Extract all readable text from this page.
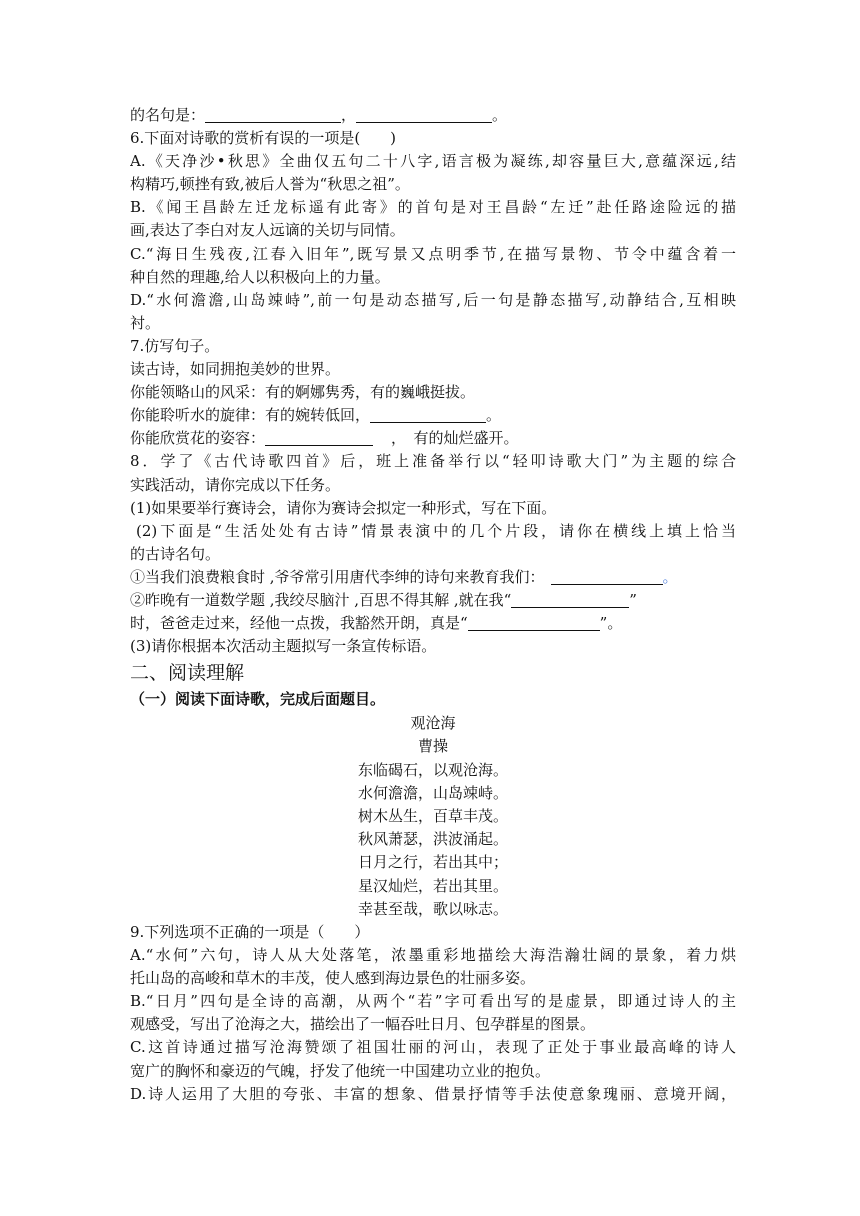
的名句是：	，	。
6.下面对诗歌的赏析有误的一项是(　　)
A.《天净沙•秋思》全曲仅五句二十八字,语言极为凝练,却容量巨大,意蕴深远,结
构精巧,顿挫有致,被后人誉为“秋思之祖”。
B.《闻王昌龄左迁龙标遥有此寄》的首句是对王昌龄“左迁”赴任路途险远的描
画,表达了李白对友人远谪的关切与同情。
C.“海日生残夜,江春入旧年”,既写景又点明季节,在描写景物、节令中蕴含着一
种自然的理趣,给人以积极向上的力量。
D.“水何澹澹,山岛竦峙”,前一句是动态描写,后一句是静态描写,动静结合,互相映
衬。
7.仿写句子。
读古诗，如同拥抱美妙的世界。
你能领略山的风采：有的婀娜隽秀，有的巍峨挺拔。
你能聆听水的旋律：有的婉转低回，	。
你能欣赏花的姿容：	，　有的灿烂盛开。
8．学了《古代诗歌四首》后，班上准备举行以“轻叩诗歌大门”为主题的综合
实践活动，请你完成以下任务。
(1)如果要举行赛诗会，请你为赛诗会拟定一种形式，写在下面。
(2)下面是“生活处处有古诗”情景表演中的几个片段，请你在横线上填上恰当
的古诗名句。
①当我们浪费粮食时 ,爷爷常引用唐代李绅的诗句来教育我们：	。
②昨晚有一道数学题 ,我绞尽脑汁 ,百思不得其解 ,就在我“	”
时，爸爸走过来，经他一点拨，我豁然开朗，真是“	”。
(3)请你根据本次活动主题拟写一条宣传标语。
二、阅读理解
（一）阅读下面诗歌，完成后面题目。
观沧海
曹操
东临碣石，以观沧海。
水何澹澹，山岛竦峙。
树木丛生，百草丰茂。
秋风萧瑟，洪波涌起。
日月之行，若出其中；
星汉灿烂，若出其里。
幸甚至哉，歌以咏志。
9.下列选项不正确的一项是（　　）
A.“水何”六句，诗人从大处落笔，浓墨重彩地描绘大海浩瀚壮阔的景象，着力烘
托山岛的高峻和草木的丰茂，使人感到海边景色的壮丽多姿。
B.“日月”四句是全诗的高潮，从两个“若”字可看出写的是虚景，即通过诗人的主
观感受，写出了沧海之大，描绘出了一幅吞吐日月、包孕群星的图景。
C.这首诗通过描写沧海赞颂了祖国壮丽的河山，表现了正处于事业最高峰的诗人
宽广的胸怀和豪迈的气魄，抒发了他统一中国建功立业的抱负。
D.诗人运用了大胆的夸张、丰富的想象、借景抒情等手法使意象瑰丽、意境开阔，
